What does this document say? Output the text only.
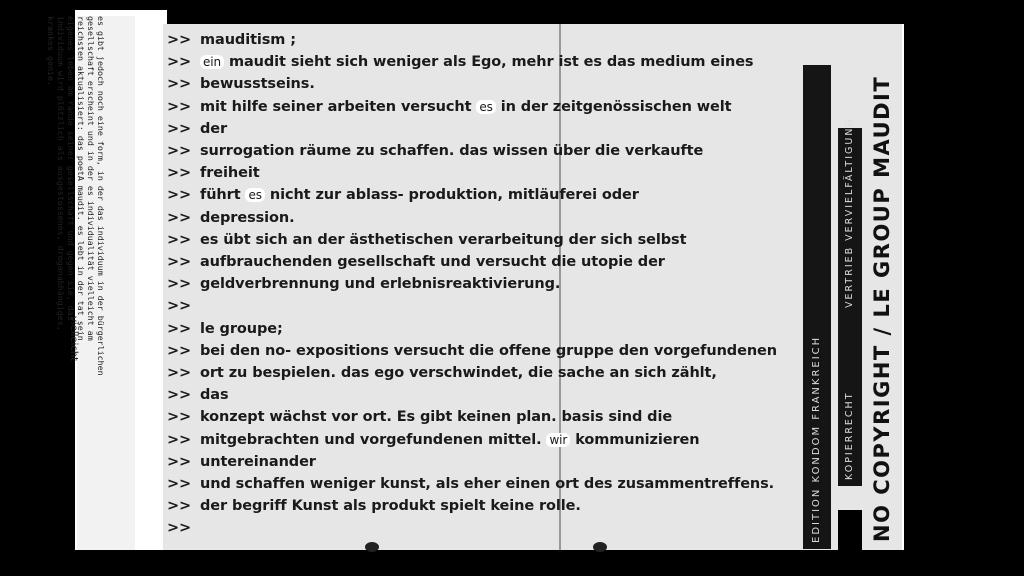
es gibt jedoch noch eine form, in der das individuum in der bürgerlichen
gesellschaft erscheint und in der es individualität vielleicht am
reichsten aktualisiert: das poetA maudit. es lebt in der tat sein
eigenes leben am rande seiner gesellschaft und gegen sie, das
individuum wird plötzlich als ausgestossenes, droganabhängiges,
krankes genie.
vielleicht
>> mauditism ;
>> ein maudit sieht sich weniger als Ego, mehr ist es das medium eines
>> bewusstseins.
>> mit hilfe seiner arbeiten versucht es in der zeitgenössischen welt
>> der
>> surrogation räume zu schaffen. das wissen über die verkaufte
>> freiheit
>> führt es nicht zur ablass- produktion, mitläuferei oder
>> depression.
>> es übt sich an der ästhetischen verarbeitung der sich selbst
>> aufbrauchenden gesellschaft und versucht die utopie der
>> geldverbrennung und erlebnisreaktivierung.
>>
>> le groupe;
>> bei den no- expositions versucht die offene gruppe den vorgefundenen
>> ort zu bespielen. das ego verschwindet, die sache an sich zählt,
>> das
>> konzept wächst vor ort. Es gibt keinen plan. basis sind die
>> mitgebrachten und vorgefundenen mittel. wir kommunizieren
>> untereinander
>> und schaffen weniger kunst, als eher einen ort des zusammentreffens.
>> der begriff Kunst als produkt spielt keine rolle.
>>	EDITION KONDOM FRANKREICH
VERTRIEB VERVIELFÄLTIGUNG
KOPIERRECHT NO COPYRIGHT / LE GROUP MAUDIT
